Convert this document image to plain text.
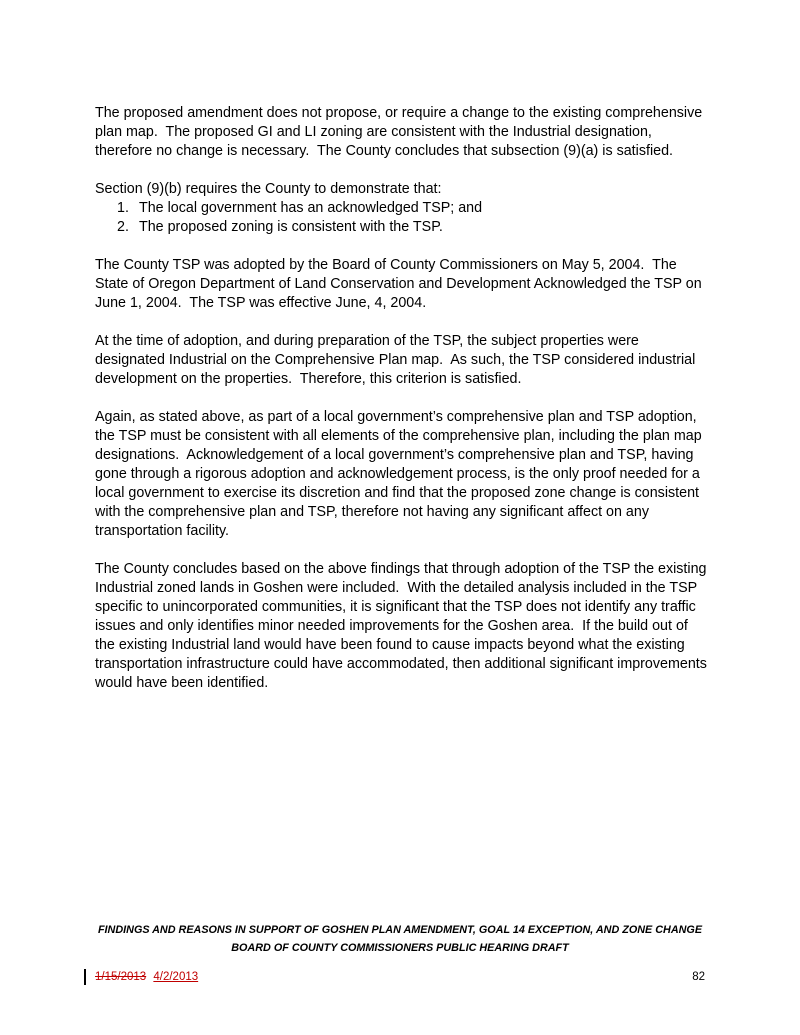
The proposed amendment does not propose, or require a change to the existing comprehensive plan map.  The proposed GI and LI zoning are consistent with the Industrial designation, therefore no change is necessary.  The County concludes that subsection (9)(a) is satisfied.

Section (9)(b) requires the County to demonstrate that:

1. The local government has an acknowledged TSP; and
2. The proposed zoning is consistent with the TSP.

The County TSP was adopted by the Board of County Commissioners on May 5, 2004.  The State of Oregon Department of Land Conservation and Development Acknowledged the TSP on June 1, 2004.  The TSP was effective June, 4, 2004.

At the time of adoption, and during preparation of the TSP, the subject properties were designated Industrial on the Comprehensive Plan map.  As such, the TSP considered industrial development on the properties.  Therefore, this criterion is satisfied.

Again, as stated above, as part of a local government’s comprehensive plan and TSP adoption, the TSP must be consistent with all elements of the comprehensive plan, including the plan map designations.  Acknowledgement of a local government’s comprehensive plan and TSP, having gone through a rigorous adoption and acknowledgement process, is the only proof needed for a local government to exercise its discretion and find that the proposed zone change is consistent with the comprehensive plan and TSP, therefore not having any significant affect on any transportation facility.

The County concludes based on the above findings that through adoption of the TSP the existing Industrial zoned lands in Goshen were included.  With the detailed analysis included in the TSP specific to unincorporated communities, it is significant that the TSP does not identify any traffic issues and only identifies minor needed improvements for the Goshen area.  If the build out of the existing Industrial land would have been found to cause impacts beyond what the existing transportation infrastructure could have accommodated, then additional significant improvements would have been identified.

FINDINGS AND REASONS IN SUPPORT OF GOSHEN PLAN AMENDMENT, GOAL 14 EXCEPTION, AND ZONE CHANGE
BOARD OF COUNTY COMMISSIONERS PUBLIC HEARING DRAFT
1/15/2013 4/2/2013	82
